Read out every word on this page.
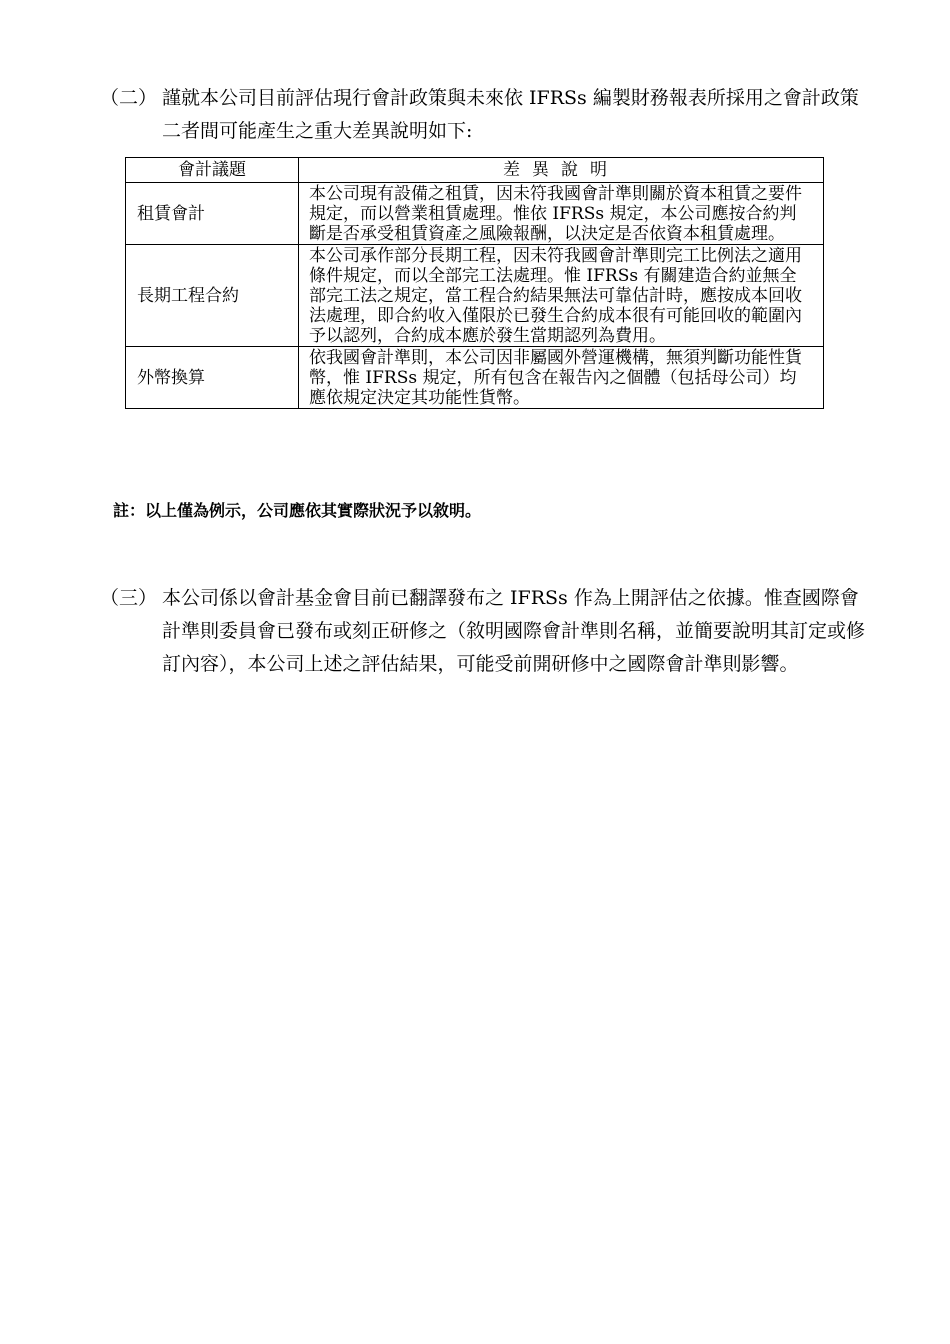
（二） 謹就本公司目前評估現行會計政策與未來依 IFRSs 編製財務報表所採用之會計政策二者間可能產生之重大差異說明如下:
會計議題	差異說明
租賃會計	本公司現有設備之租賃，因未符我國會計準則關於資本租賃之要件規定，而以營業租賃處理。惟依 IFRSs 規定，本公司應按合約判斷是否承受租賃資產之風險報酬，以決定是否依資本租賃處理。
長期工程合約	本公司承作部分長期工程，因未符我國會計準則完工比例法之適用條件規定，而以全部完工法處理。惟 IFRSs 有關建造合約並無全部完工法之規定，當工程合約結果無法可靠估計時，應按成本回收法處理，即合約收入僅限於已發生合約成本很有可能回收的範圍內予以認列，合約成本應於發生當期認列為費用。
外幣換算	依我國會計準則，本公司因非屬國外營運機構，無須判斷功能性貨幣，惟 IFRSs 規定，所有包含在報告內之個體（包括母公司）均應依規定決定其功能性貨幣。
註：以上僅為例示，公司應依其實際狀況予以敘明。
（三） 本公司係以會計基金會目前已翻譯發布之 IFRSs 作為上開評估之依據。惟查國際會計準則委員會已發布或刻正研修之（敘明國際會計準則名稱，並簡要說明其訂定或修訂內容），本公司上述之評估結果，可能受前開研修中之國際會計準則影響。
